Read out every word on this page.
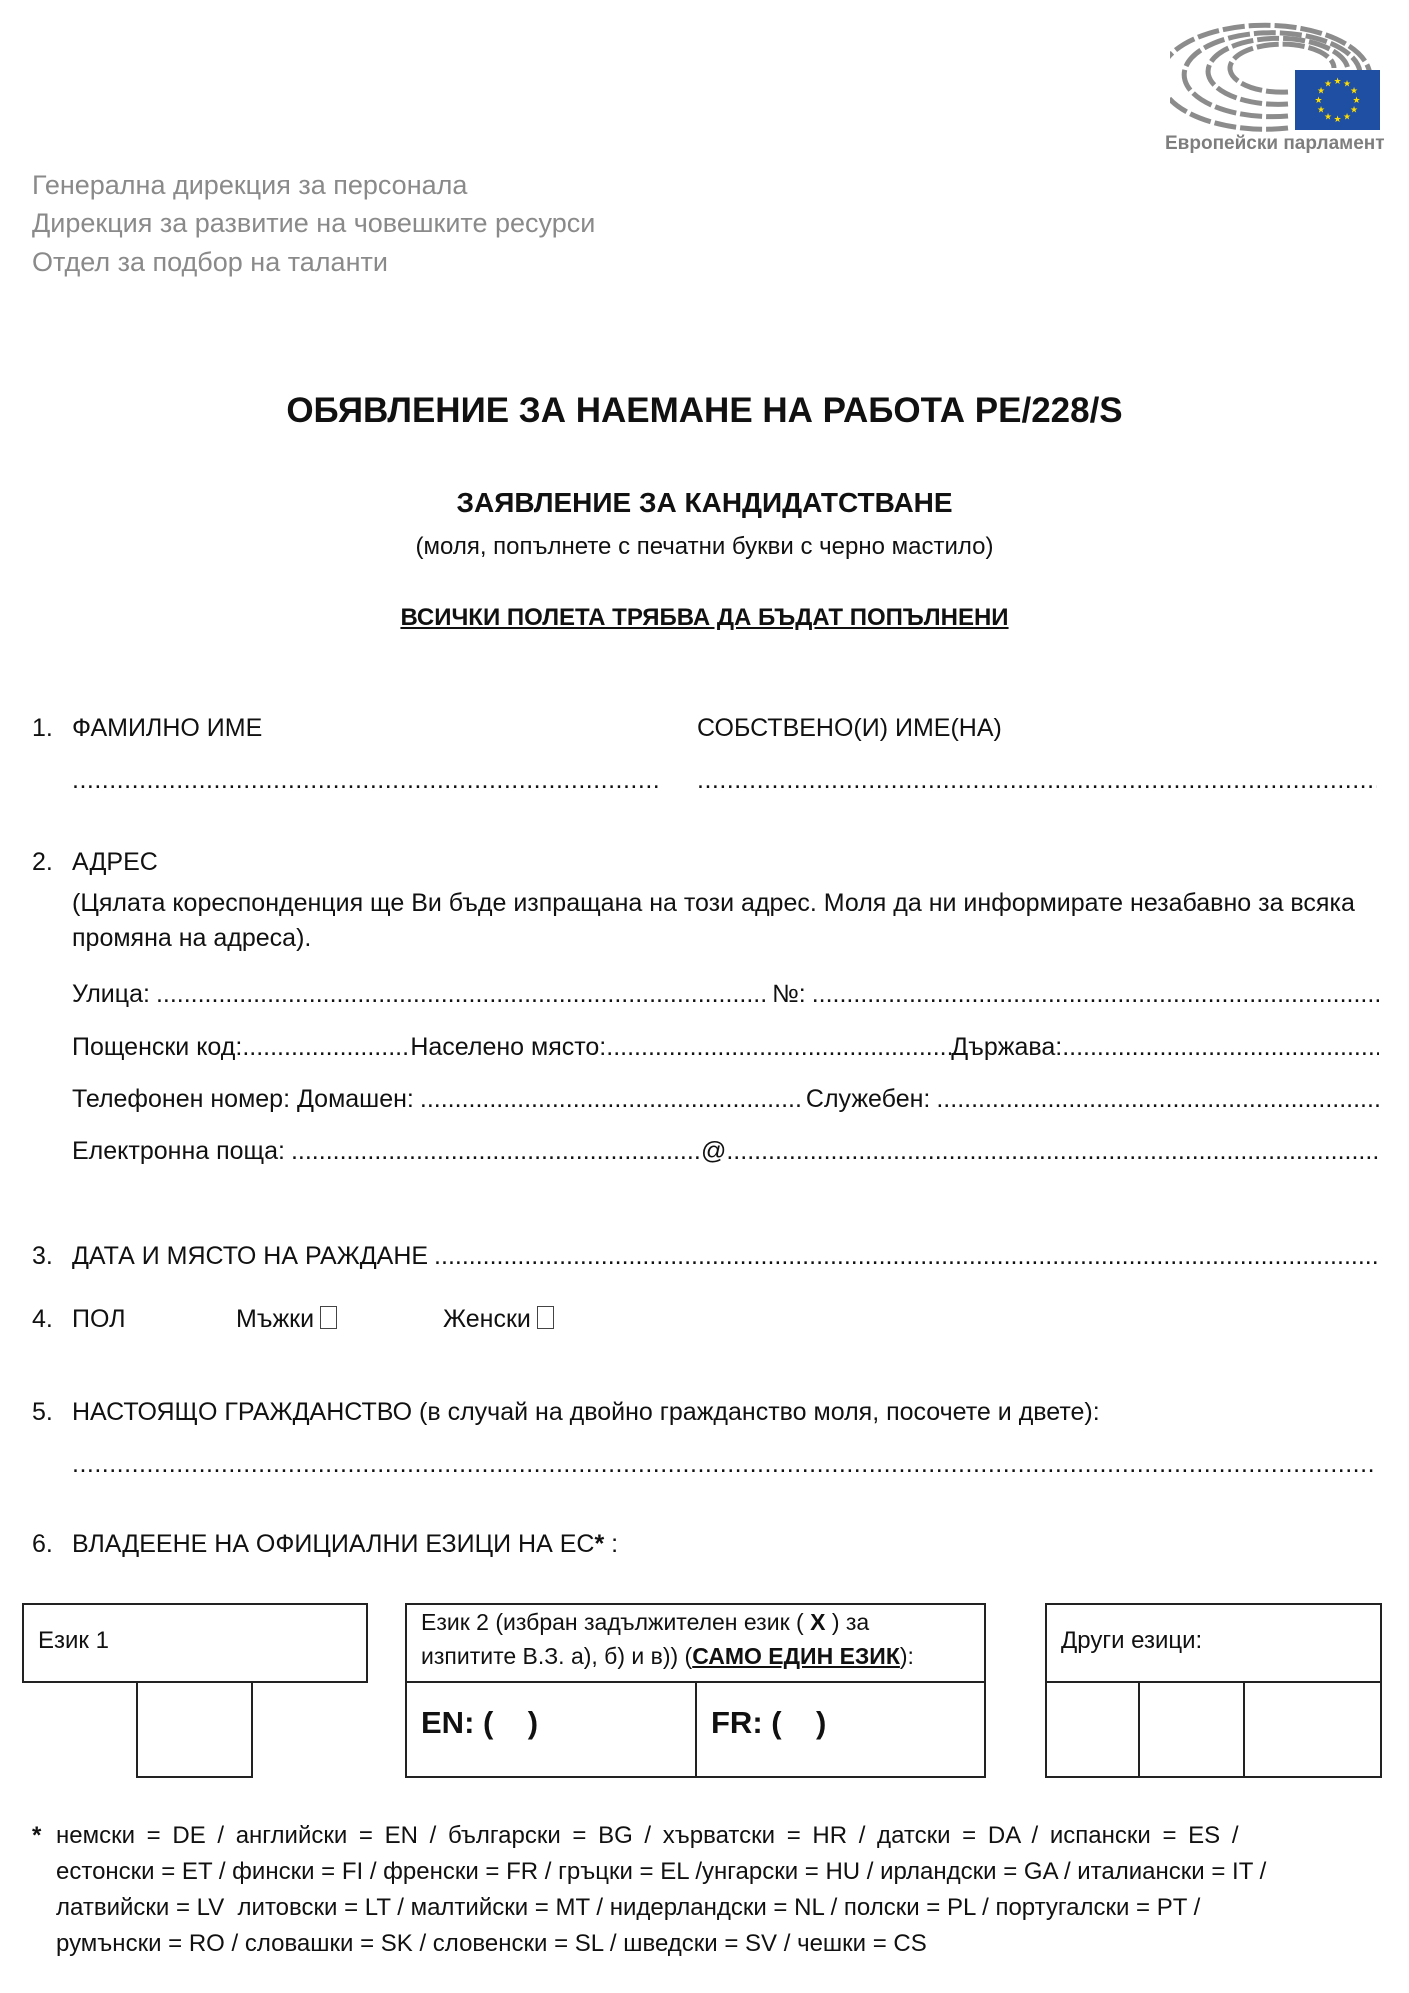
★ ★
★
★
★
★
★
★
★
★
★
★
Европейски парламент
Генерална дирекция за персонала
Дирекция за развитие на човешките ресурси
Отдел за подбор на таланти
ОБЯВЛЕНИЕ ЗА НАЕМАНЕ НА РАБОТА PE/228/S
ЗАЯВЛЕНИЕ ЗА КАНДИДАТСТВАНЕ
(моля, попълнете с печатни букви с черно мастило)
ВСИЧКИ ПОЛЕТА ТРЯБВА ДА БЪДАТ ПОПЪЛНЕНИ
1. ФАМИЛНО ИМЕ	СОБСТВЕНО(И) ИМЕ(НА)
.....
.....
2. АДРЕС
(Цялата кореспонденция ще Ви бъде изпращана на този адрес. Моля да ни информирате незабавно за всяка
промяна на адреса).
Улица: .....	№:
.....
Пощенски код: .....	Населено място: .....	Държава:
.....
Телефонен номер: Домашен: .....	Служебен:
.....
Електронна поща: .....	@
.....
3. ДАТА И МЯСТО НА РАЖДАНЕ
.....
4. ПОЛ	Мъжки	Женски
5. НАСТОЯЩО ГРАЖДАНСТВО (в случай на двойно гражданство моля, посочете и двете):
.....
6. ВЛАДЕЕНЕ НА ОФИЦИАЛНИ ЕЗИЦИ НА ЕС* :
Език 1
Език 2 (избран задължителен език ( X ) за
изпитите В.З. а), б) и в)) (САМО ЕДИН ЕЗИК):
EN: (    )	FR: (    )
Други езици:
* немски = DE / английски = EN / български = BG / хърватски = HR / датски = DA / испански = ES /
естонски = ET / фински = FI / френски = FR / гръцки = EL /унгарски = HU / ирландски = GA / италиански = IT /
латвийски = LV  литовски = LT / малтийски = MT / нидерландски = NL / полски = PL / португалски = PT /
румънски = RO / словашки = SK / словенски = SL / шведски = SV / чешки = CS
